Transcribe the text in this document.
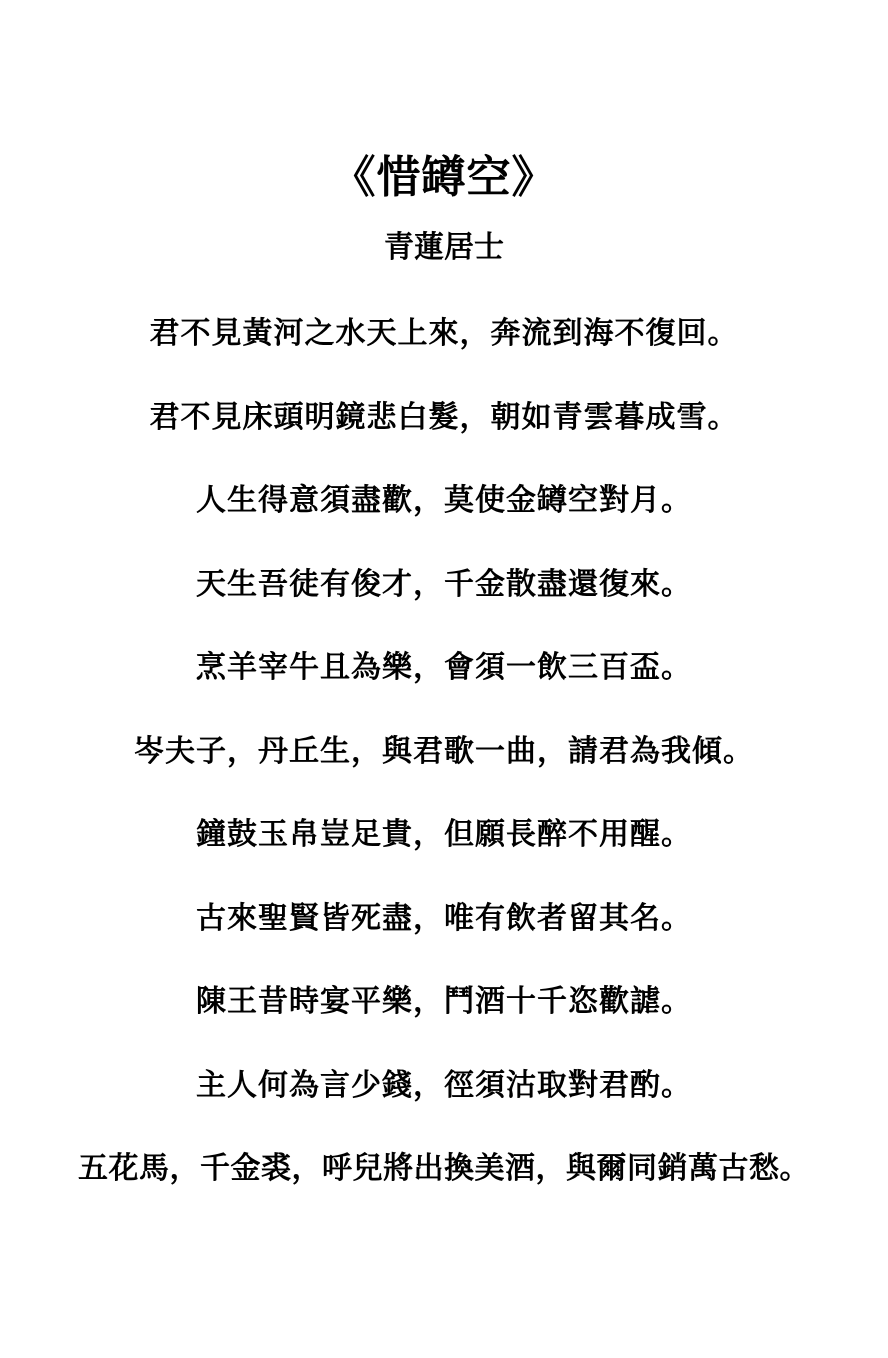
《惜罇空》
青蓮居士
君不見黃河之水天上來，奔流到海不復回。
君不見床頭明鏡悲白髮，朝如青雲暮成雪。
人生得意須盡歡，莫使金罇空對月。
天生吾徒有俊才，千金散盡還復來。
烹羊宰牛且為樂，會須一飲三百盃。
岑夫子，丹丘生，與君歌一曲，請君為我傾。
鐘鼓玉帛豈足貴，但願長醉不用醒。
古來聖賢皆死盡，唯有飲者留其名。
陳王昔時宴平樂，鬥酒十千恣歡謔。
主人何為言少錢，徑須沽取對君酌。
五花馬，千金裘，呼兒將出換美酒，與爾同銷萬古愁。
